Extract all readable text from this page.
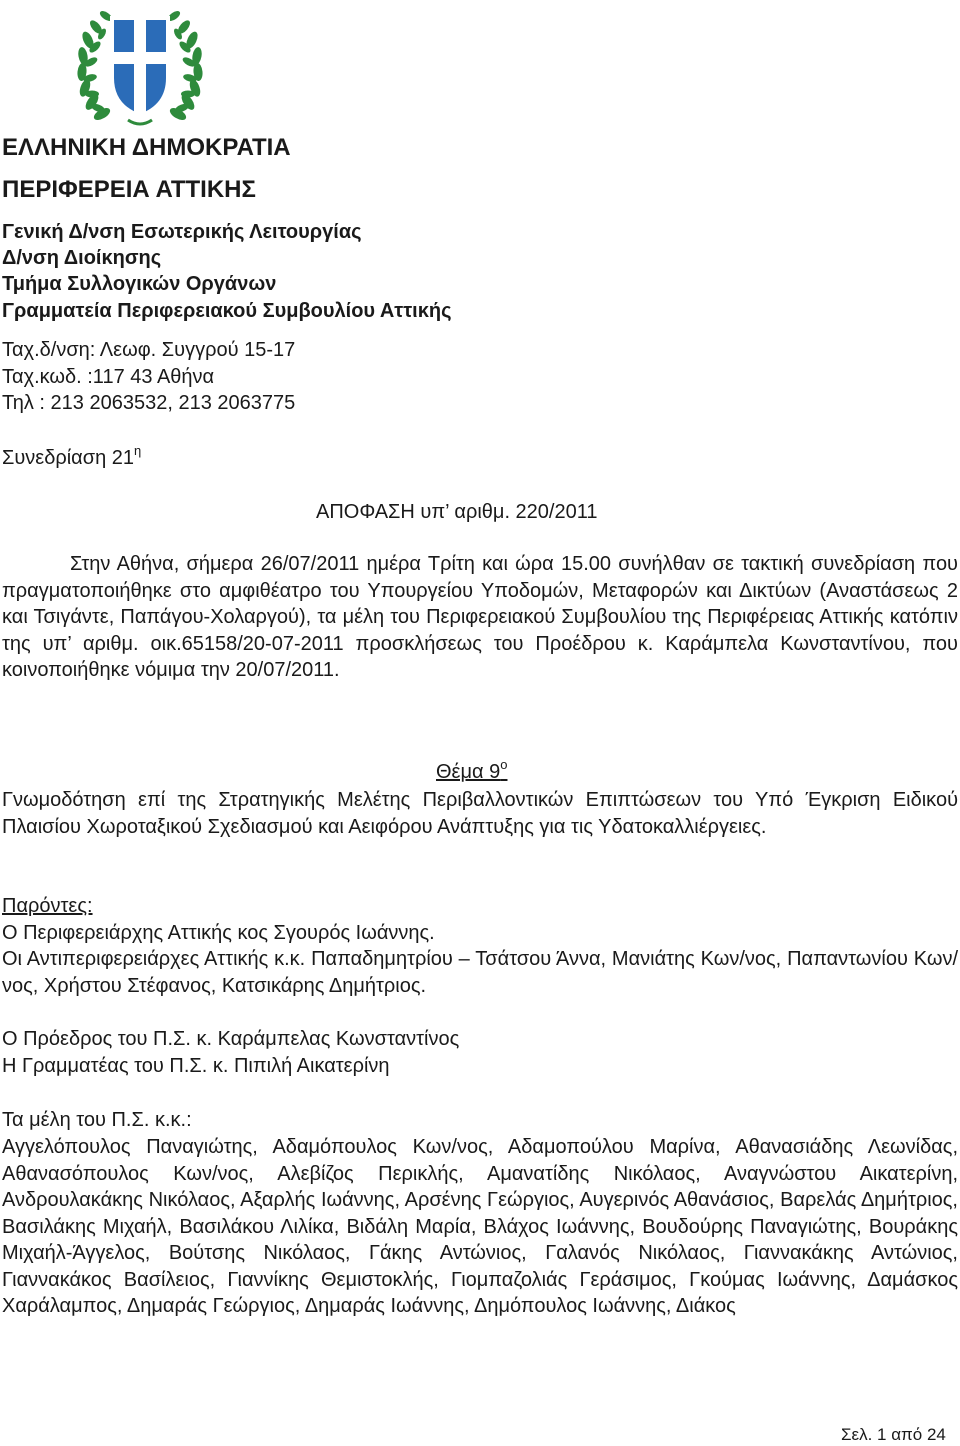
ΕΛΛΗΝΙΚΗ ΔΗΜΟΚΡΑΤΙΑ
ΠΕΡΙΦΕΡΕΙΑ ΑΤΤΙΚΗΣ
Γενική Δ/νση Εσωτερικής Λειτουργίας
Δ/νση Διοίκησης
Τμήμα Συλλογικών Οργάνων
Γραμματεία Περιφερειακού Συμβουλίου Αττικής
Ταχ.δ/νση: Λεωφ. Συγγρού 15-17
Ταχ.κωδ. :117 43 Αθήνα
Τηλ : 213 2063532, 213 2063775
Συνεδρίαση $21^\eta$
ΑΠΟΦΑΣΗ υπ’ αριθμ. 220/2011
Στην Αθήνα, σήμερα 26/07/2011 ημέρα Τρίτη και ώρα 15.00 συνήλθαν σε τακτική συνεδρίαση που πραγματοποιήθηκε στο αμφιθέατρο του Υπουργείου Υποδομών, Μεταφορών και Δικτύων (Αναστάσεως 2 και Τσιγάντε, Παπάγου-Χολαργού), τα μέλη του Περιφερειακού Συμβουλίου της Περιφέρειας Αττικής κατόπιν της υπ’ αριθμ. οικ.65158/20-07-2011 προσκλήσεως του Προέδρου κ. Καράμπελα Κωνσταντίνου, που κοινοποιήθηκε νόμιμα την 20/07/2011.
Θέμα $9^o$
Γνωμοδότηση επί της Στρατηγικής Μελέτης Περιβαλλοντικών Επιπτώσεων του Υπό Έγκριση Ειδικού Πλαισίου Χωροταξικού Σχεδιασμού και Αειφόρου Ανάπτυξης για τις Υδατοκαλλιέργειες.
Παρόντες:
Ο Περιφερειάρχης Αττικής κος Σγουρός Ιωάννης.
Οι Αντιπεριφερειάρχες Αττικής κ.κ. Παπαδημητρίου – Τσάτσου Άννα, Μανιάτης Κων/νος, Παπαντωνίου Κων/νος, Χρήστου Στέφανος, Κατσικάρης Δημήτριος.
Ο Πρόεδρος του Π.Σ. κ. Καράμπελας Κωνσταντίνος
Η Γραμματέας του Π.Σ. κ. Πιπιλή Αικατερίνη
Τα μέλη του Π.Σ. κ.κ.:
Αγγελόπουλος Παναγιώτης, Αδαμόπουλος Κων/νος, Αδαμοπούλου Μαρίνα, Αθανασιάδης Λεωνίδας, Αθανασόπουλος Κων/νος, Αλεβίζος Περικλής, Αμανατίδης Νικόλαος, Αναγνώστου Αικατερίνη, Ανδρουλακάκης Νικόλαος, Αξαρλής Ιωάννης, Αρσένης Γεώργιος, Αυγερινός Αθανάσιος, Βαρελάς Δημήτριος, Βασιλάκης Μιχαήλ, Βασιλάκου Λιλίκα, Βιδάλη Μαρία, Βλάχος Ιωάννης, Βουδούρης Παναγιώτης, Βουράκης Μιχαήλ-Άγγελος, Βούτσης Νικόλαος, Γάκης Αντώνιος, Γαλανός Νικόλαος, Γιαννακάκης Αντώνιος, Γιαννακάκος Βασίλειος, Γιαννίκης Θεμιστοκλής, Γιομπαζολιάς Γεράσιμος, Γκούμας Ιωάννης, Δαμάσκος Χαράλαμπος, Δημαράς Γεώργιος, Δημαράς Ιωάννης, Δημόπουλος Ιωάννης, Διάκος
Σελ. 1 από 24
